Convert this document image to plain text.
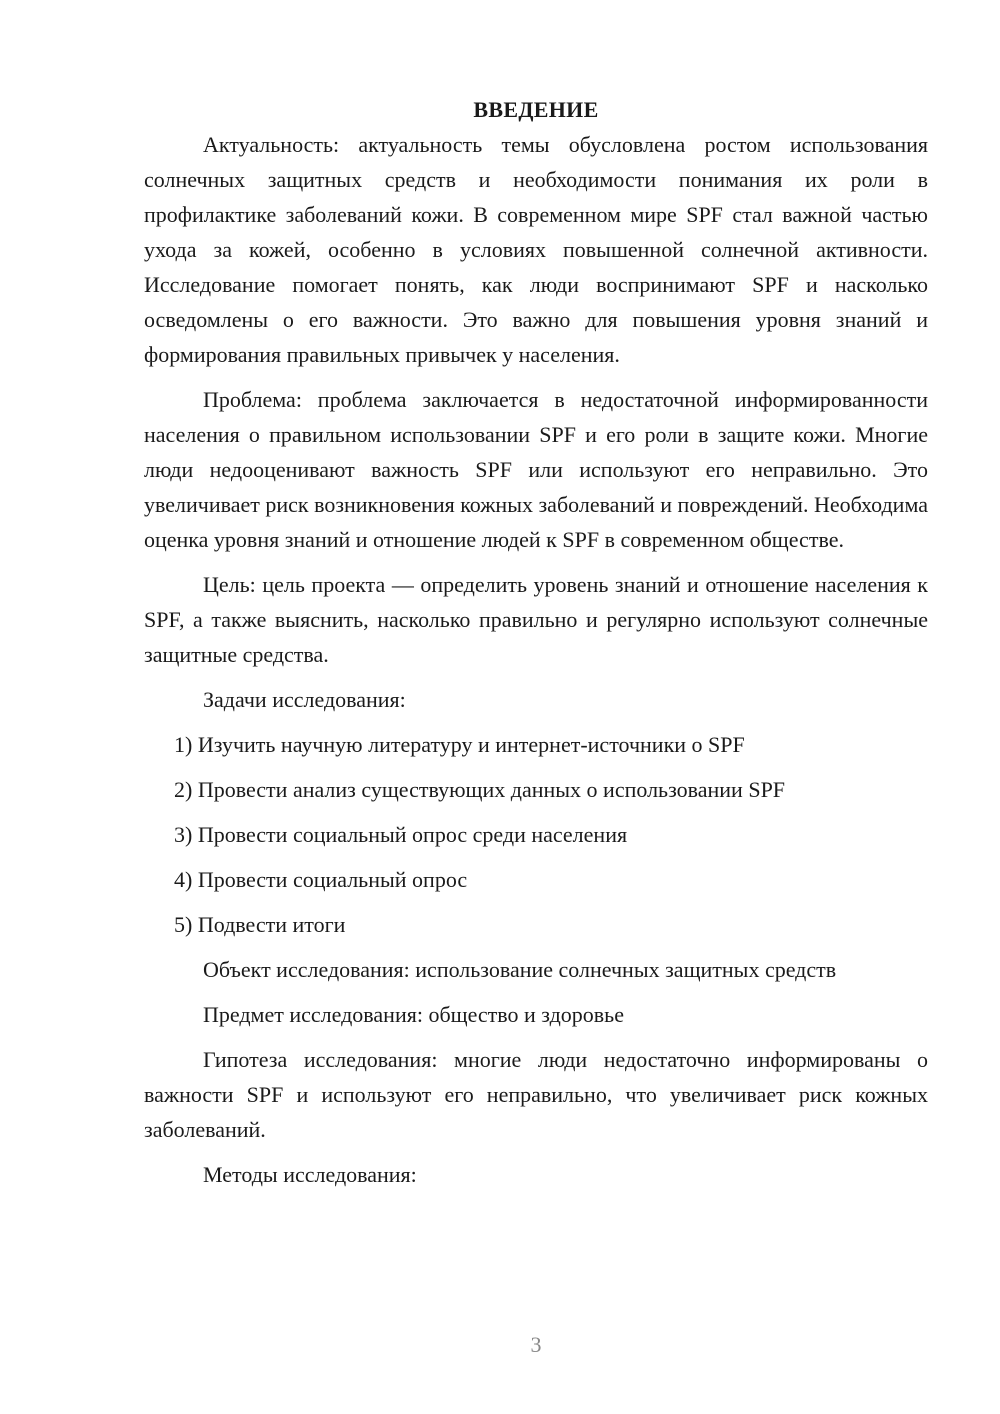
ВВЕДЕНИЕ

Актуальность: актуальность темы обусловлена ростом использования солнечных защитных средств и необходимости понимания их роли в профилактике заболеваний кожи. В современном мире SPF стал важной частью ухода за кожей, особенно в условиях повышенной солнечной активности. Исследование помогает понять, как люди воспринимают SPF и насколько осведомлены о его важности. Это важно для повышения уровня знаний и формирования правильных привычек у населения.

Проблема: проблема заключается в недостаточной информированности населения о правильном использовании SPF и его роли в защите кожи. Многие люди недооценивают важность SPF или используют его неправильно. Это увеличивает риск возникновения кожных заболеваний и повреждений. Необходима оценка уровня знаний и отношение людей к SPF в современном обществе.

Цель: цель проекта — определить уровень знаний и отношение населения к SPF, а также выяснить, насколько правильно и регулярно используют солнечные защитные средства.

Задачи исследования:
1) Изучить научную литературу и интернет-источники о SPF
2) Провести анализ существующих данных о использовании SPF
3) Провести социальный опрос среди населения
4) Провести социальный опрос
5) Подвести итоги
Объект исследования: использование солнечных защитных средств
Предмет исследования: общество и здоровье

Гипотеза исследования: многие люди недостаточно информированы о важности SPF и используют его неправильно, что увеличивает риск кожных заболеваний.

Методы исследования:
3
